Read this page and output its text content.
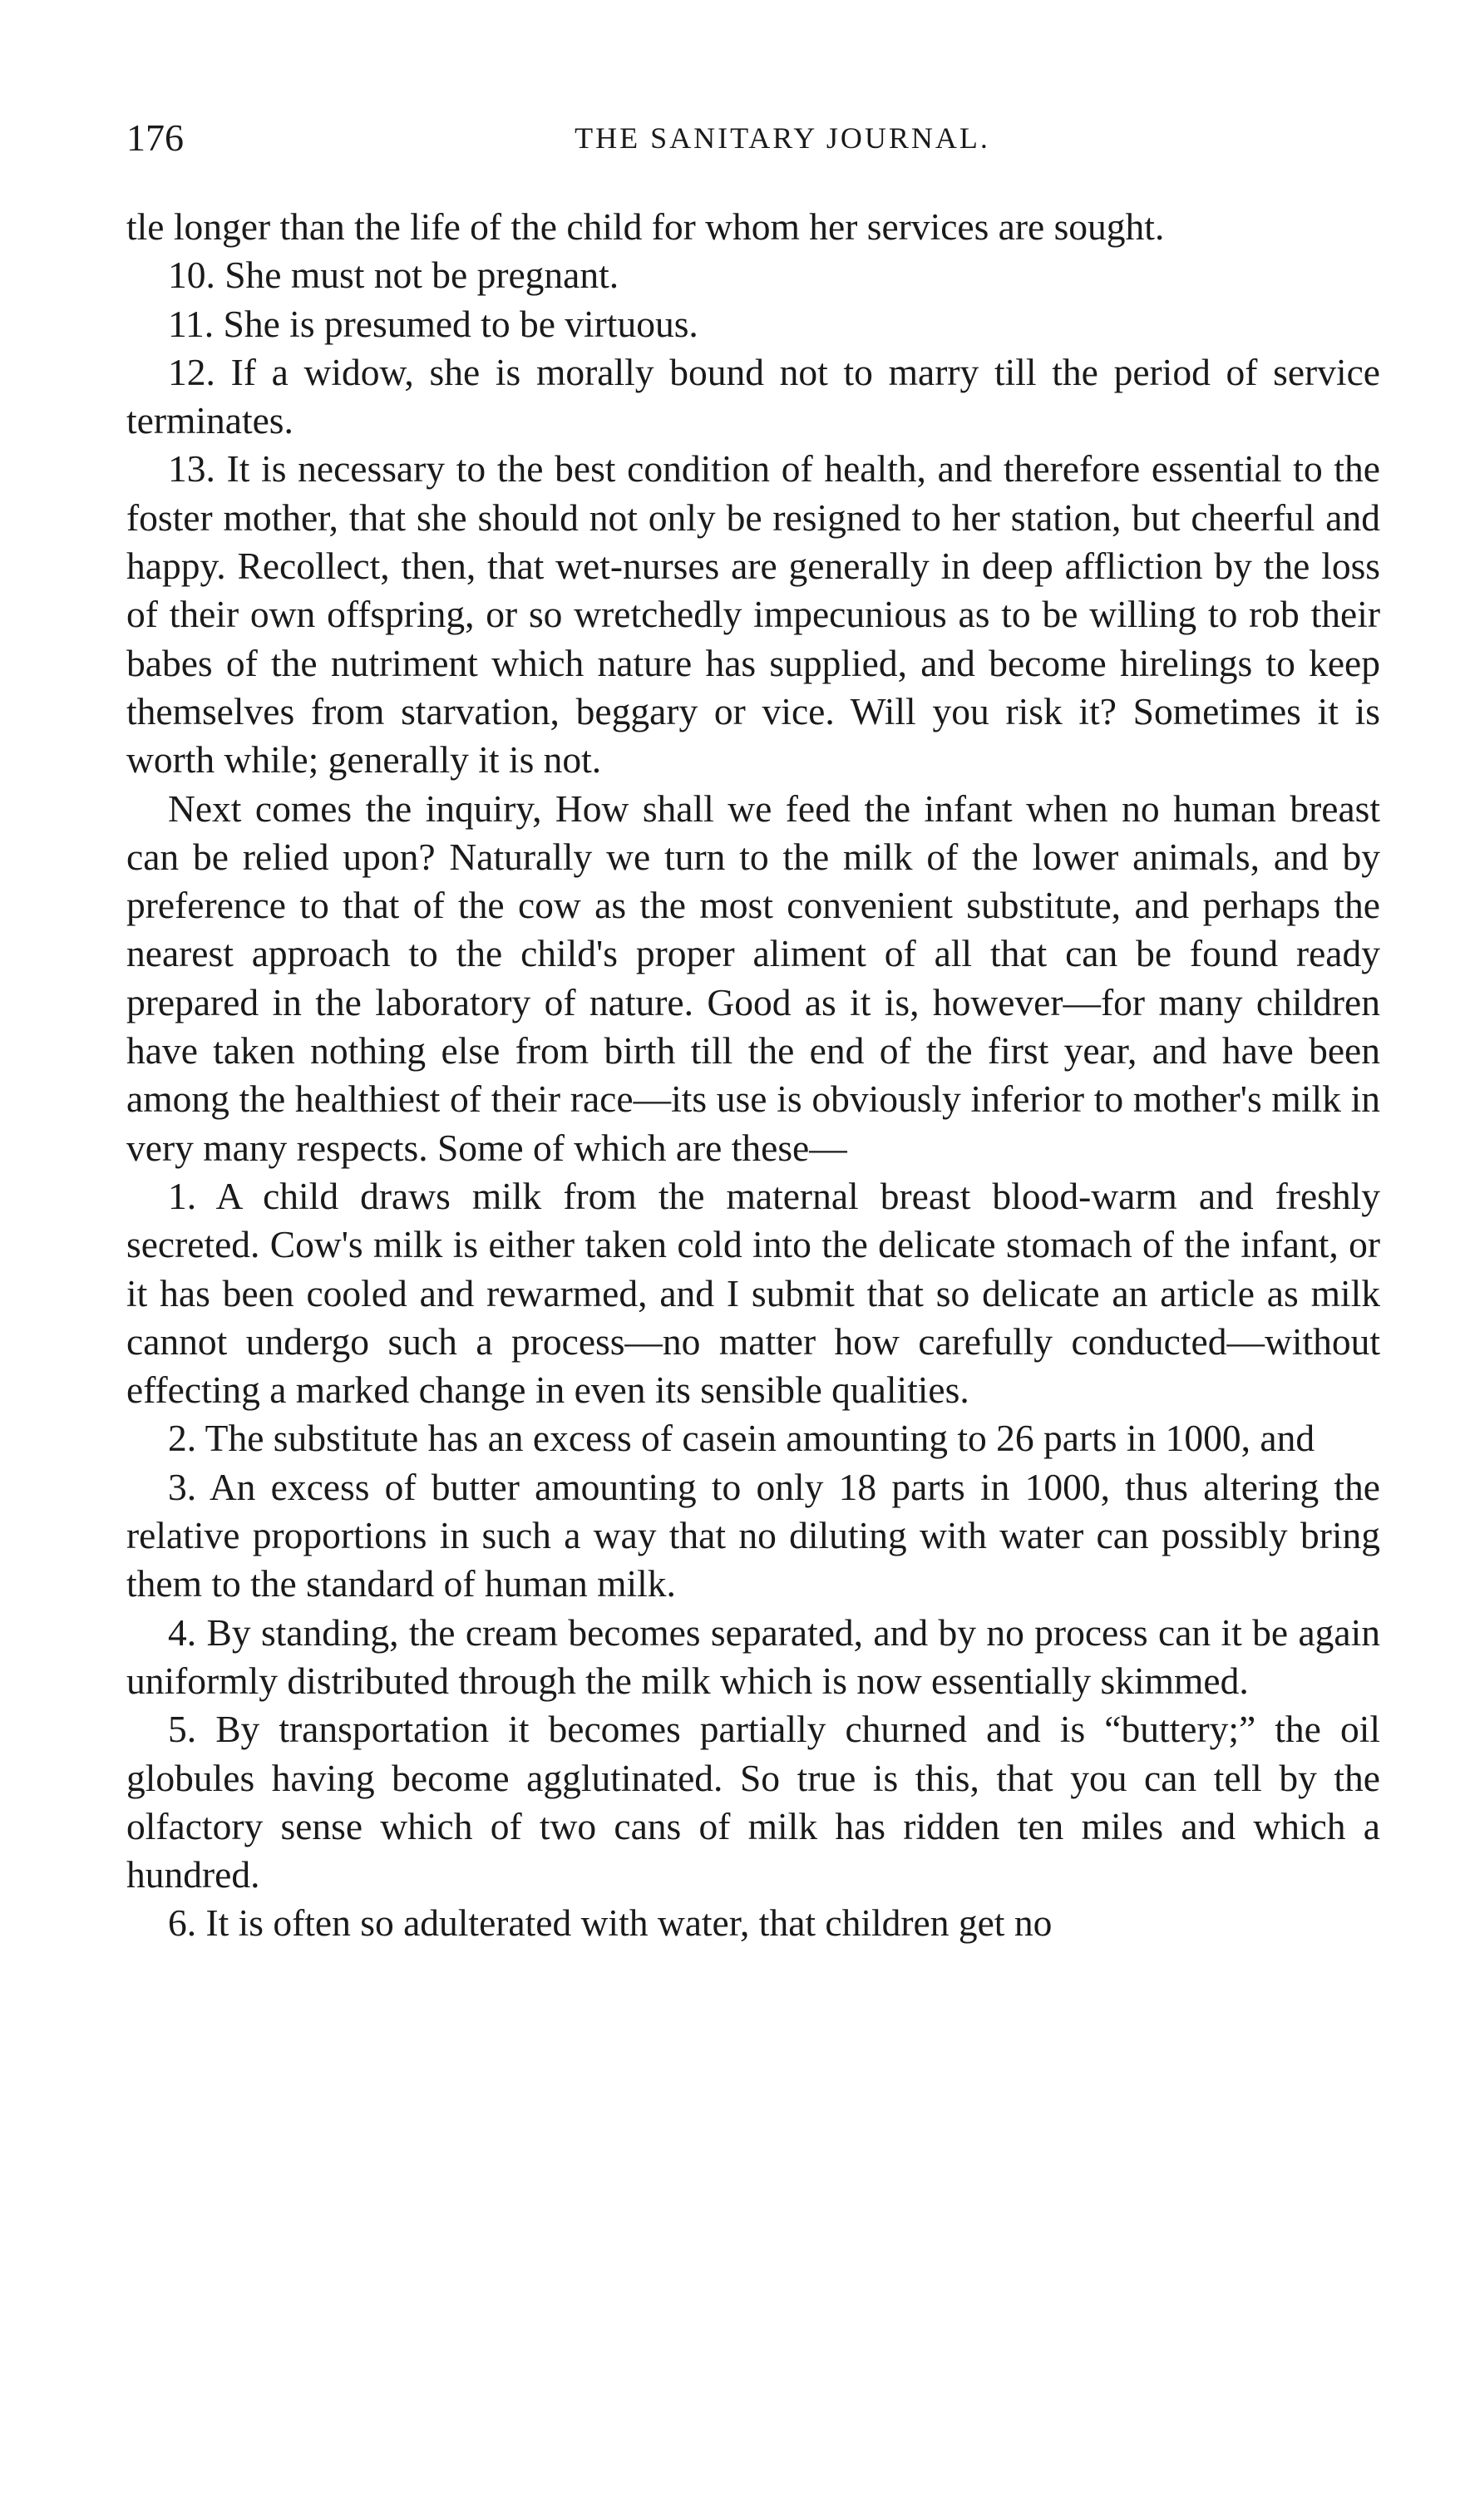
176	THE SANITARY JOURNAL.

tle longer than the life of the child for whom her services are sought.

10. She must not be pregnant.

11. She is presumed to be virtuous.

12. If a widow, she is morally bound not to marry till the period of service terminates.

13. It is necessary to the best condition of health, and therefore essential to the foster mother, that she should not only be resigned to her station, but cheerful and happy. Recollect, then, that wet-nurses are generally in deep affliction by the loss of their own offspring, or so wretchedly impecunious as to be willing to rob their babes of the nutriment which nature has supplied, and become hirelings to keep themselves from starvation, beggary or vice. Will you risk it? Sometimes it is worth while; generally it is not.

Next comes the inquiry, How shall we feed the infant when no human breast can be relied upon? Naturally we turn to the milk of the lower animals, and by preference to that of the cow as the most convenient substitute, and perhaps the nearest approach to the child's proper aliment of all that can be found ready prepared in the laboratory of nature. Good as it is, however—for many children have taken nothing else from birth till the end of the first year, and have been among the healthiest of their race—its use is obviously inferior to mother's milk in very many respects. Some of which are these—

1. A child draws milk from the maternal breast blood-warm and freshly secreted. Cow's milk is either taken cold into the delicate stomach of the infant, or it has been cooled and rewarmed, and I submit that so delicate an article as milk cannot undergo such a process—no matter how carefully conducted—without effecting a marked change in even its sensible qualities.

2. The substitute has an excess of casein amounting to 26 parts in 1000, and

3. An excess of butter amounting to only 18 parts in 1000, thus altering the relative proportions in such a way that no diluting with water can possibly bring them to the standard of human milk.

4. By standing, the cream becomes separated, and by no process can it be again uniformly distributed through the milk which is now essentially skimmed.

5. By transportation it becomes partially churned and is “buttery;” the oil globules having become agglutinated. So true is this, that you can tell by the olfactory sense which of two cans of milk has ridden ten miles and which a hundred.

6. It is often so adulterated with water, that children get no
